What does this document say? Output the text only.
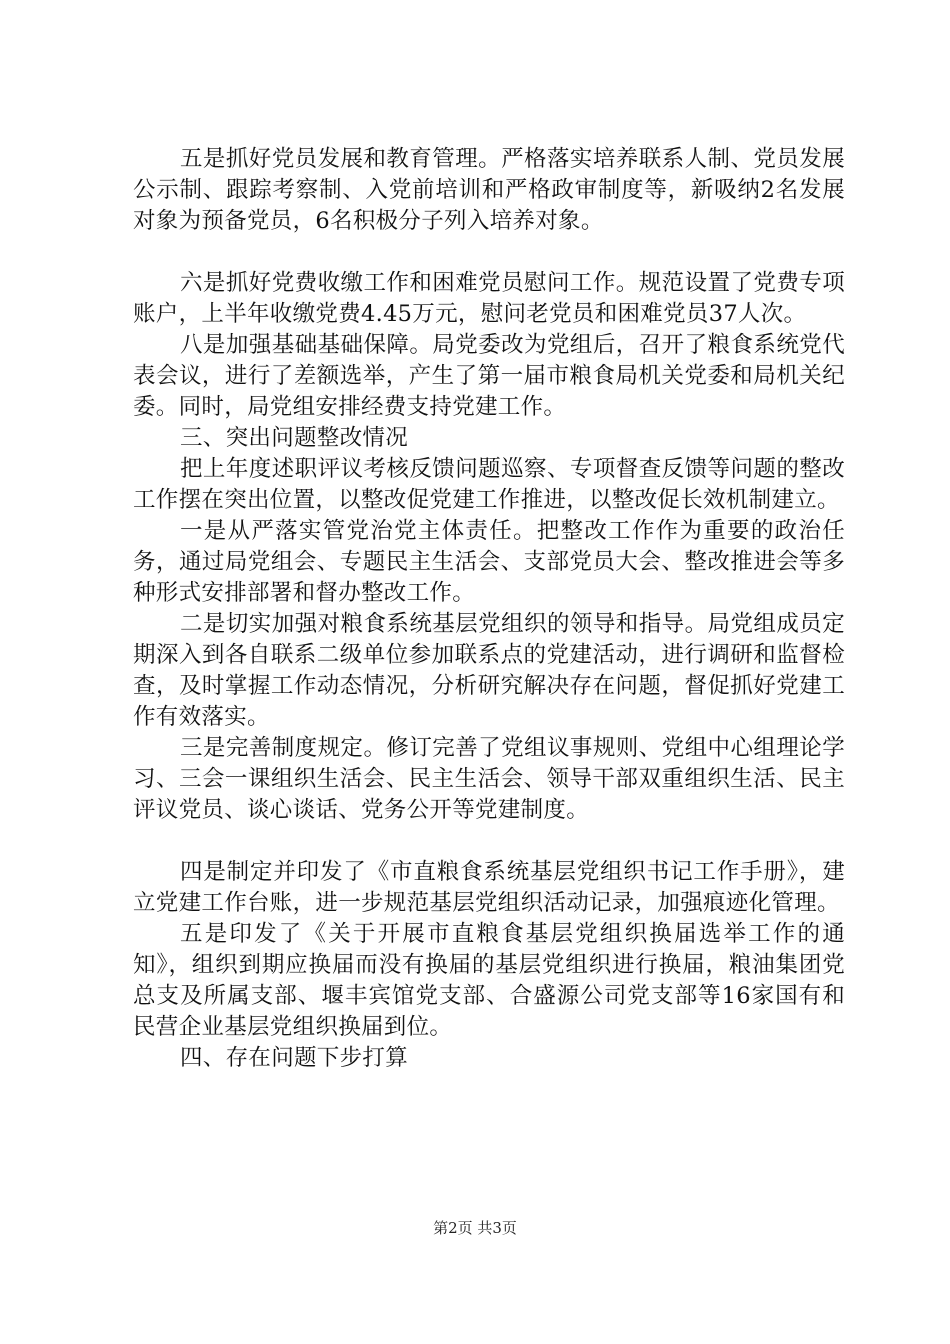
五是抓好党员发展和教育管理。严格落实培养联系人制、党员发展公示制、跟踪考察制、入党前培训和严格政审制度等，新吸纳2名发展对象为预备党员，6名积极分子列入培养对象。

六是抓好党费收缴工作和困难党员慰问工作。规范设置了党费专项账户，上半年收缴党费4.45万元，慰问老党员和困难党员37人次。

八是加强基础基础保障。局党委改为党组后，召开了粮食系统党代表会议，进行了差额选举，产生了第一届市粮食局机关党委和局机关纪委。同时，局党组安排经费支持党建工作。

三、突出问题整改情况

把上年度述职评议考核反馈问题巡察、专项督查反馈等问题的整改工作摆在突出位置，以整改促党建工作推进，以整改促长效机制建立。

一是从严落实管党治党主体责任。把整改工作作为重要的政治任务，通过局党组会、专题民主生活会、支部党员大会、整改推进会等多种形式安排部署和督办整改工作。

二是切实加强对粮食系统基层党组织的领导和指导。局党组成员定期深入到各自联系二级单位参加联系点的党建活动，进行调研和监督检查，及时掌握工作动态情况，分析研究解决存在问题，督促抓好党建工作有效落实。

三是完善制度规定。修订完善了党组议事规则、党组中心组理论学习、三会一课组织生活会、民主生活会、领导干部双重组织生活、民主评议党员、谈心谈话、党务公开等党建制度。

四是制定并印发了《市直粮食系统基层党组织书记工作手册》，建立党建工作台账，进一步规范基层党组织活动记录，加强痕迹化管理。

五是印发了《关于开展市直粮食基层党组织换届选举工作的通知》，组织到期应换届而没有换届的基层党组织进行换届，粮油集团党总支及所属支部、堰丰宾馆党支部、合盛源公司党支部等16家国有和民营企业基层党组织换届到位。

四、存在问题下步打算

第2页 共3页
